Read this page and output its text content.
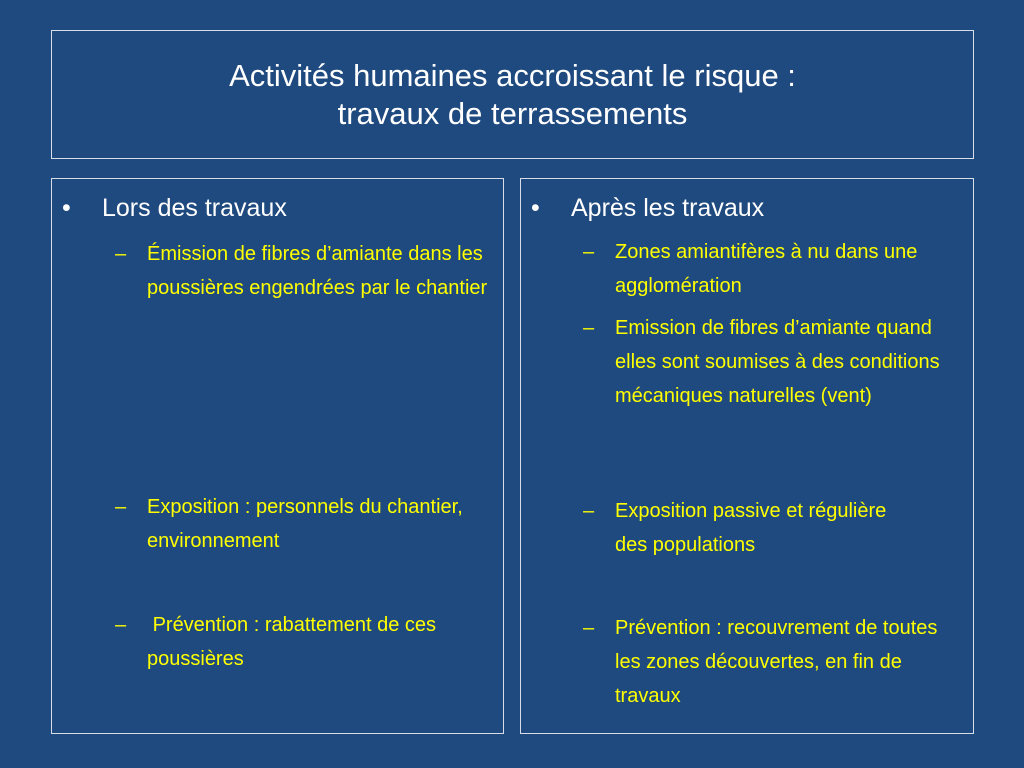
Activités humaines accroissant le risque :
travaux de terrassements
• Lors des travaux
– Émission de fibres d’amiante dans les poussières engendrées par le chantier
– Exposition : personnels du chantier, environnement
– Prévention : rabattement de ces poussières
• Après les travaux
– Zones amiantifères à nu dans une agglomération
– Emission de fibres d’amiante quand elles sont soumises à des conditions mécaniques naturelles (vent)
– Exposition passive et régulière des populations
– Prévention : recouvrement de toutes les zones découvertes, en fin de travaux
